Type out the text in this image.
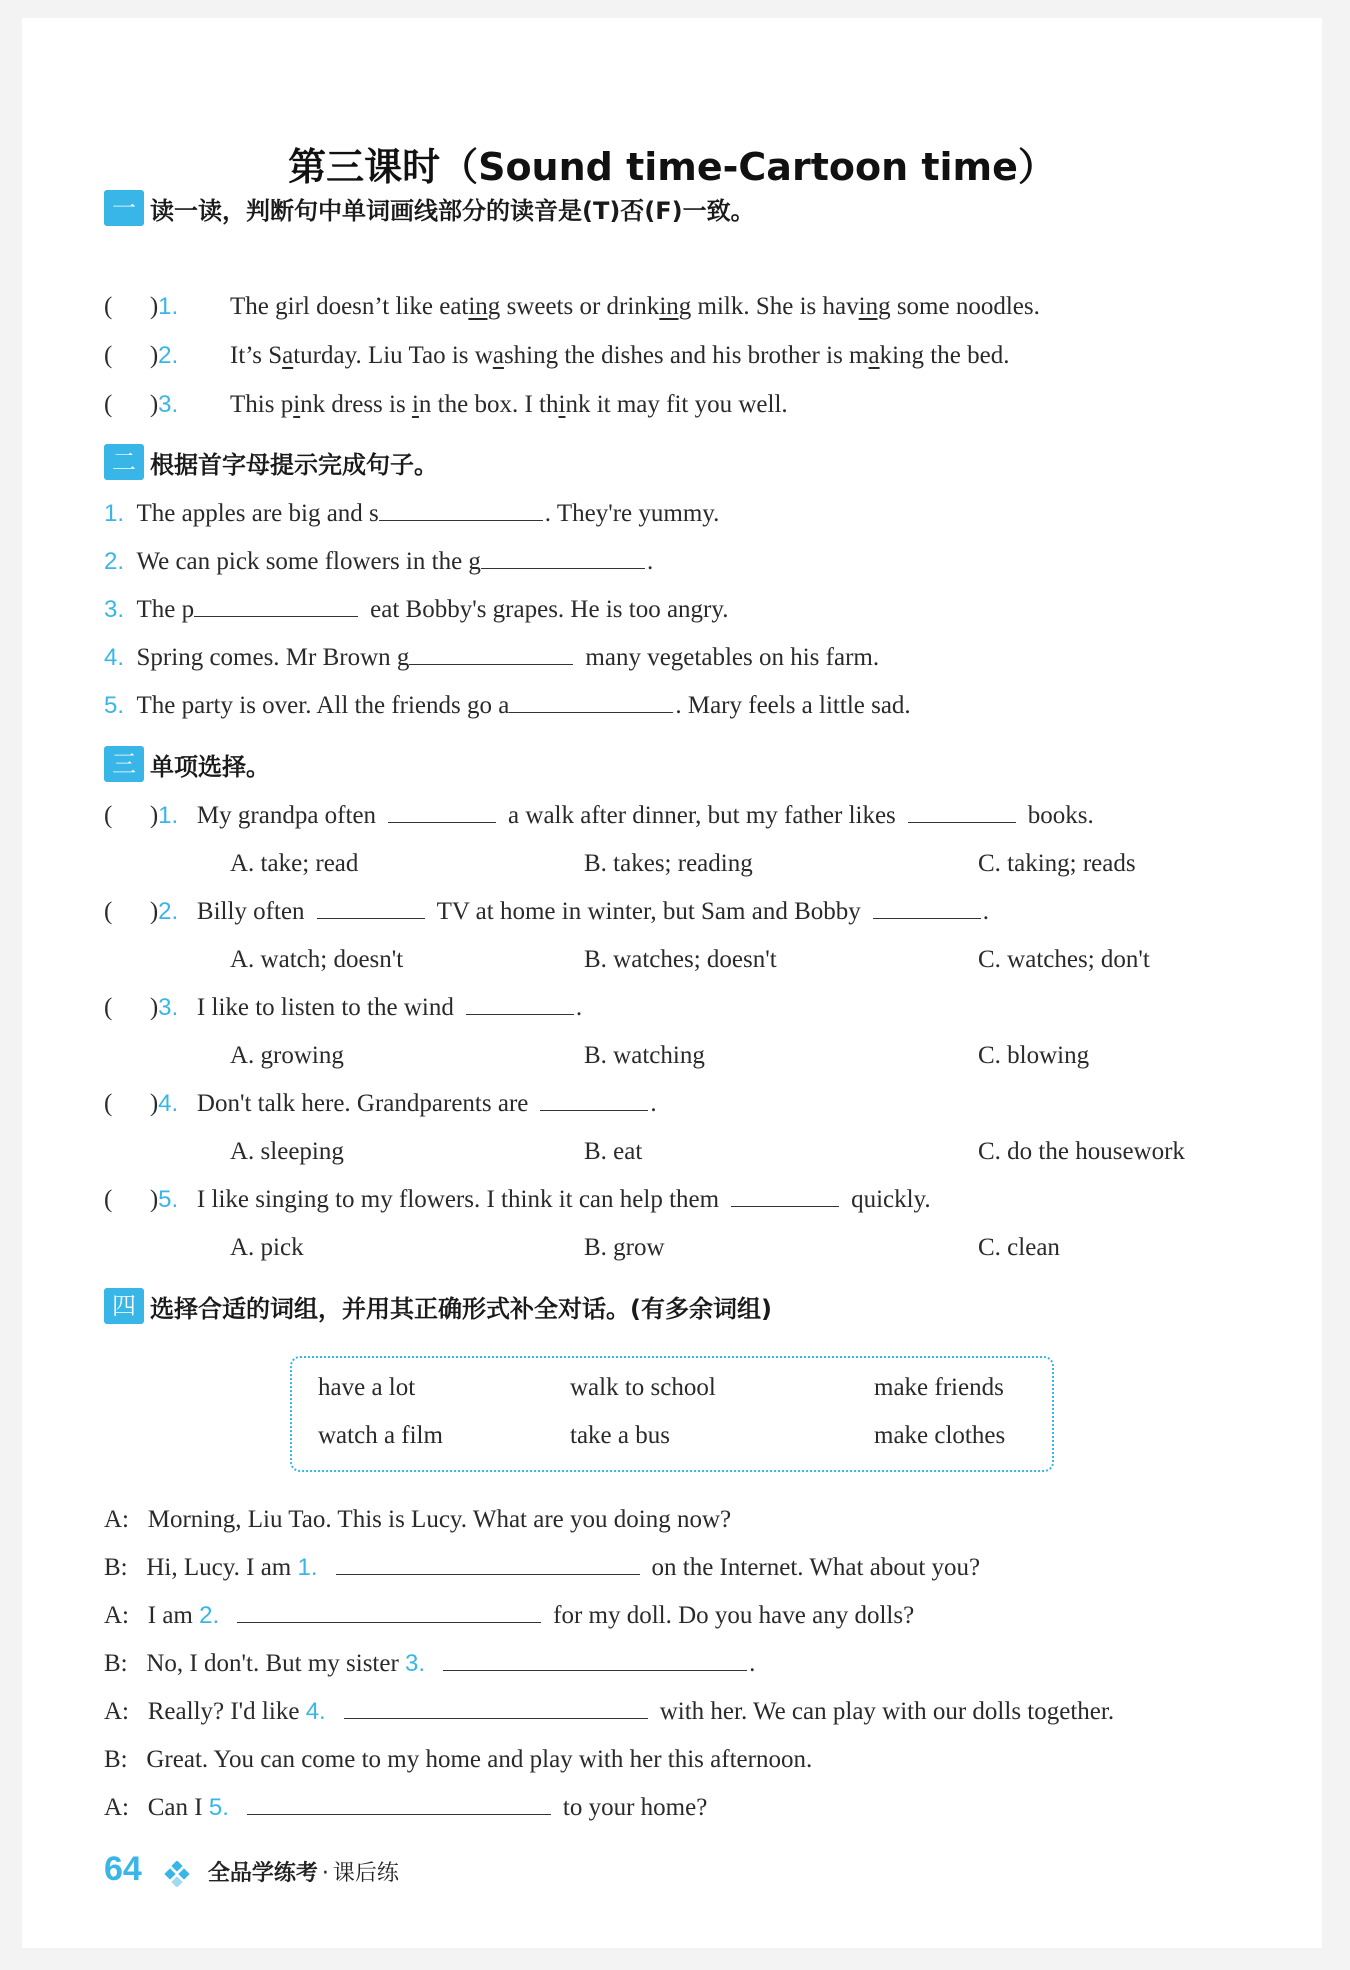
第三课时（Sound time-Cartoon time）
一 读一读，判断句中单词画线部分的读音是(T)否(F)一致。
(      )1. The girl doesn’t like eating sweets or drinking milk. She is having some noodles.
(      )2. It’s Saturday. Liu Tao is washing the dishes and his brother is making the bed.
(      )3. This pink dress is in the box. I think it may fit you well.
二 根据首字母提示完成句子。
1. The apples are big and s	. They're yummy.
2. We can pick some flowers in the g	.
3. The p	eat Bobby's grapes. He is too angry.
4. Spring comes. Mr Brown g	many vegetables on his farm.
5. The party is over. All the friends go a	. Mary feels a little sad.
三 单项选择。
(      )1. My grandpa often	a walk after dinner, but my father likes	books.
A. take; read	B. takes; reading	C. taking; reads
(      )2. Billy often	TV at home in winter, but Sam and Bobby	.
A. watch; doesn't	B. watches; doesn't	C. watches; don't
(      )3. I like to listen to the wind	.
A. growing	B. watching	C. blowing
(      )4. Don't talk here. Grandparents are	.
A. sleeping	B. eat	C. do the housework
(      )5. I like singing to my flowers. I think it can help them	quickly.
A. pick	B. grow	C. clean
四 选择合适的词组，并用其正确形式补全对话。(有多余词组)
have a lot	walk to school	make friends
watch a film	take a bus	make clothes
A: Morning, Liu Tao. This is Lucy. What are you doing now?
B: Hi, Lucy. I am 1.	on the Internet. What about you?
A: I am 2.	for my doll. Do you have any dolls?
B: No, I don't. But my sister 3.	.
A: Really? I'd like 4.	with her. We can play with our dolls together.
B: Great. You can come to my home and play with her this afternoon.
A: Can I 5.	to your home?
64	全品学练考 · 课后练
